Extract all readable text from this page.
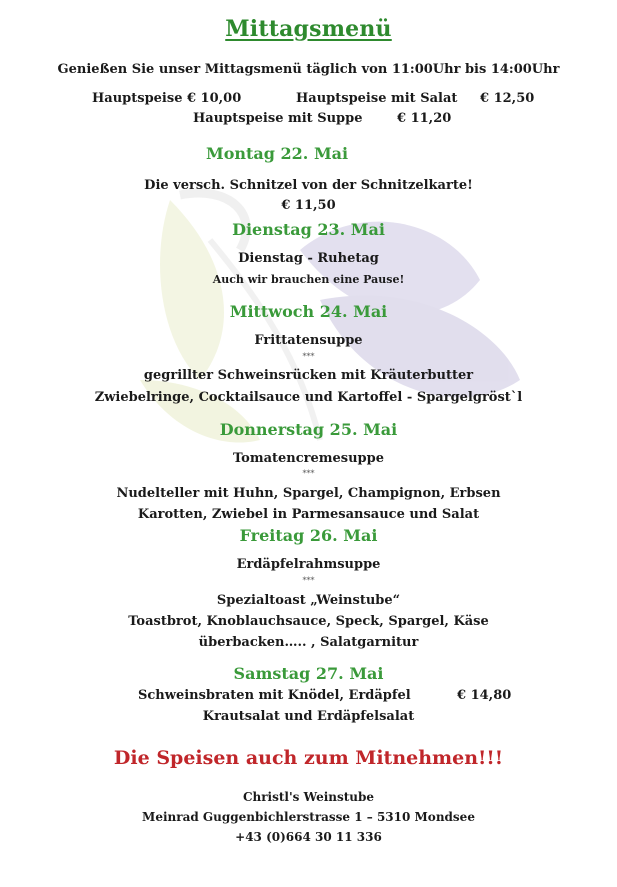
Mittagsmenü
Genießen Sie unser Mittagsmenü täglich von 11:00Uhr bis 14:00Uhr
Hauptspeise € 10,00	Hauptspeise mit Salat € 12,50
Hauptspeise mit Suppe	€ 11,20
Montag 22. Mai
Die versch. Schnitzel von der Schnitzelkarte!
€ 11,50
Dienstag 23. Mai
Dienstag - Ruhetag
Auch wir brauchen eine Pause!
Mittwoch 24. Mai
Frittatensuppe
***
gegrillter Schweinsrücken mit Kräuterbutter
Zwiebelringe, Cocktailsauce und Kartoffel - Spargelgröst`l
Donnerstag 25. Mai
Tomatencremesuppe
***
Nudelteller mit Huhn, Spargel, Champignon, Erbsen
Karotten, Zwiebel in Parmesansauce und Salat
Freitag 26. Mai
Erdäpfelrahmsuppe
***
Spezialtoast „Weinstube“
Toastbrot, Knoblauchsauce, Speck, Spargel, Käse
überbacken….. , Salatgarnitur
Samstag 27. Mai
Schweinsbraten mit Knödel, Erdäpfel	€ 14,80
Krautsalat und Erdäpfelsalat
Die Speisen auch zum Mitnehmen!!!
Christl's Weinstube
Meinrad Guggenbichlerstrasse 1 – 5310 Mondsee
+43 (0)664 30 11 336
